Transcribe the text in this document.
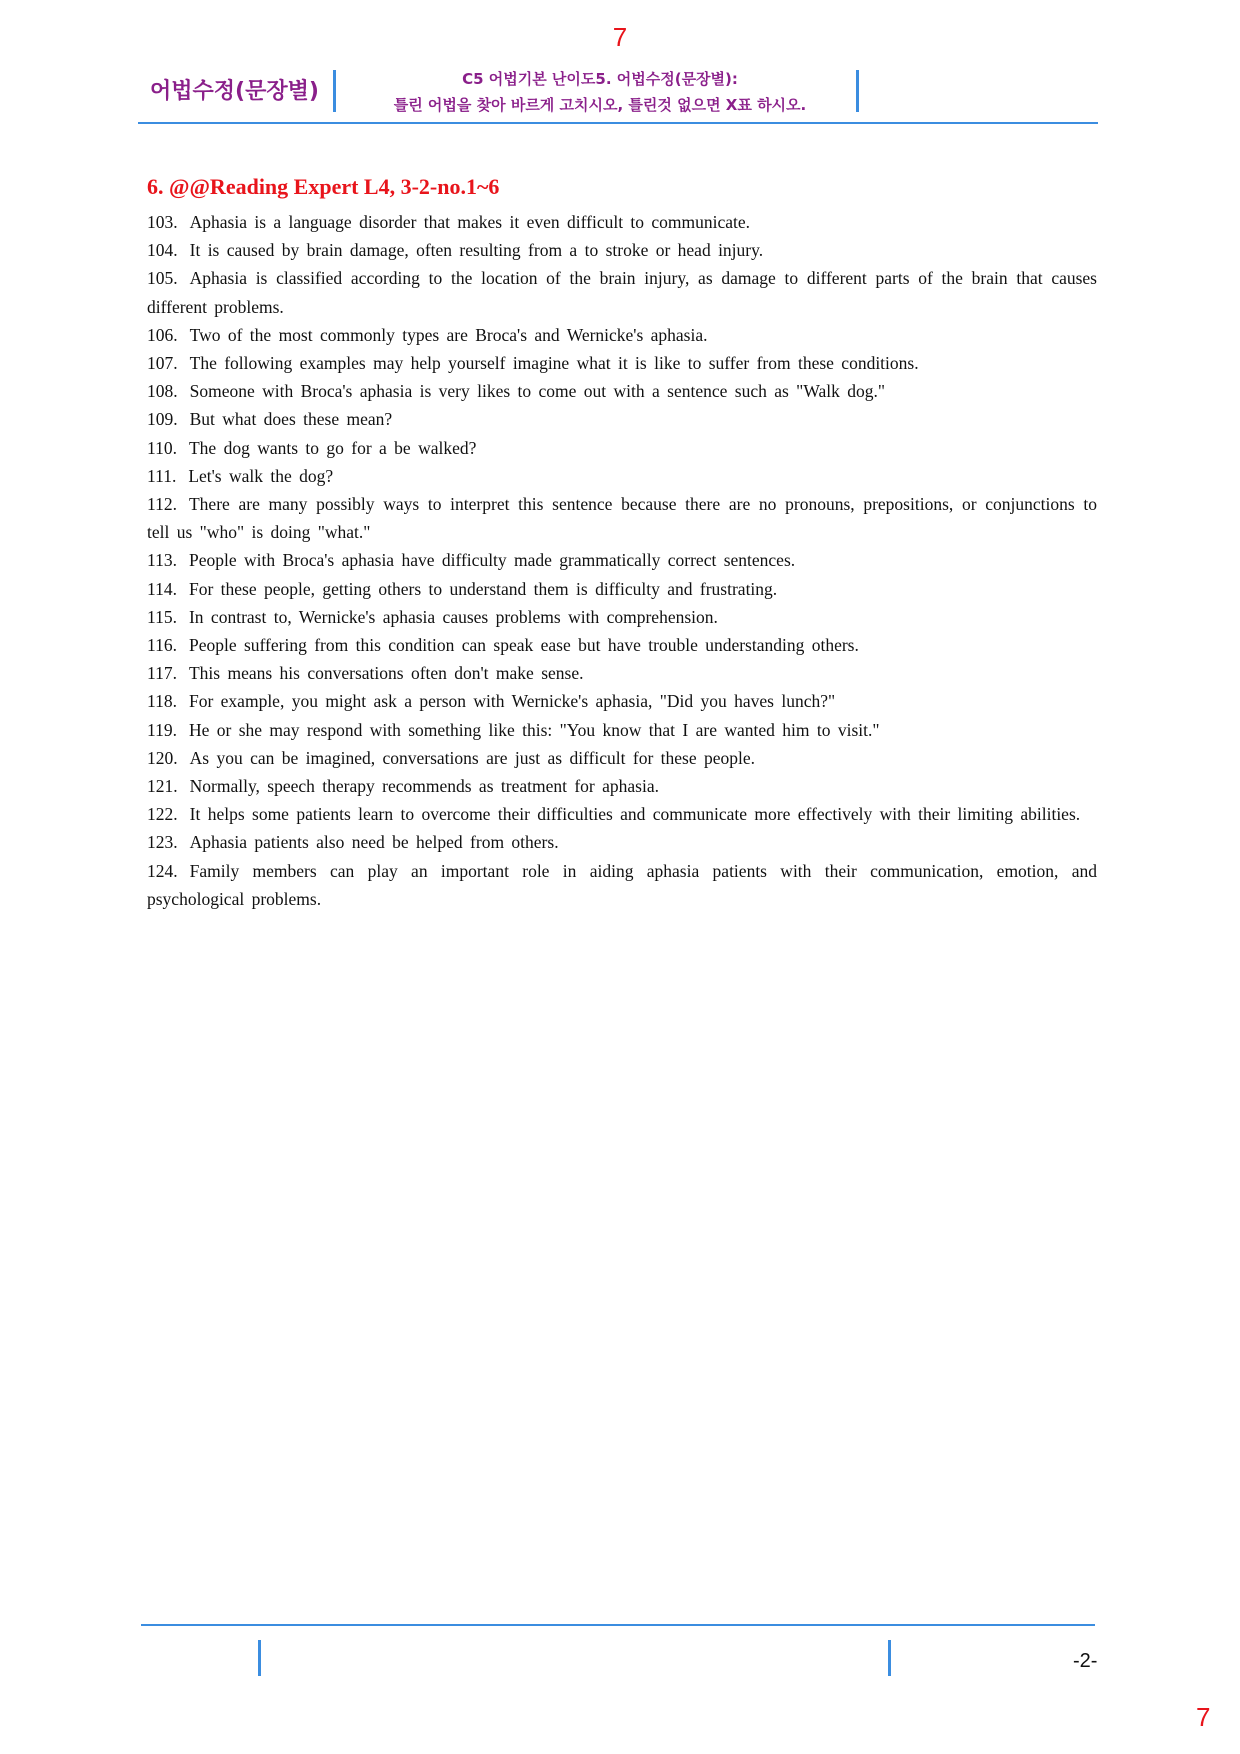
7
어법수정(문장별)	C5 어법기본 난이도5. 어법수정(문장별):
틀린 어법을 찾아 바르게 고치시오, 틀린것 없으면 X표 하시오.
6. @@Reading Expert L4, 3-2-no.1~6

103. Aphasia is a language disorder that makes it even difficult to communicate.

104. It is caused by brain damage, often resulting from a to stroke or head injury.

105. Aphasia is classified according to the location of the brain injury, as damage to different parts of the brain that causes different problems.

106. Two of the most commonly types are Broca's and Wernicke's aphasia.

107. The following examples may help yourself imagine what it is like to suffer from these conditions.

108. Someone with Broca's aphasia is very likes to come out with a sentence such as "Walk dog."

109. But what does these mean?

110. The dog wants to go for a be walked?

111. Let's walk the dog?

112. There are many possibly ways to interpret this sentence because there are no pronouns, prepositions, or conjunctions to tell us "who" is doing "what."

113. People with Broca's aphasia have difficulty made grammatically correct sentences.

114. For these people, getting others to understand them is difficulty and frustrating.

115. In contrast to, Wernicke's aphasia causes problems with comprehension.

116. People suffering from this condition can speak ease but have trouble understanding others.

117. This means his conversations often don't make sense.

118. For example, you might ask a person with Wernicke's aphasia, "Did you haves lunch?"

119. He or she may respond with something like this: "You know that I are wanted him to visit."

120. As you can be imagined, conversations are just as difficult for these people.

121. Normally, speech therapy recommends as treatment for aphasia.

122. It helps some patients learn to overcome their difficulties and communicate more effectively with their limiting abilities.

123. Aphasia patients also need be helped from others.

124. Family members can play an important role in aiding aphasia patients with their communication, emotion, and psychological problems.

-2-
7
